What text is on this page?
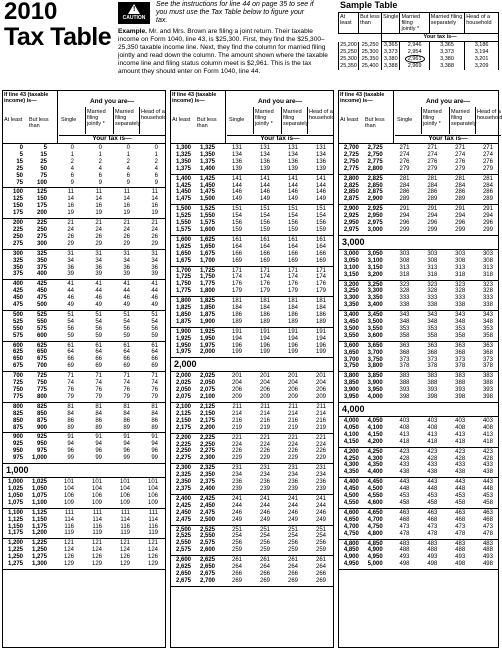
2010
Tax Table
!
CAUTION
See the instructions for line 44 on page 35 to see if you must use the Tax Table below to figure your tax.
Example. Mr. and Mrs. Brown are filing a joint return. Their taxable income on Form 1040, line 43, is $25,300. First, they find the $25,300–25,350 taxable income line. Next, they find the column for married filing jointly and read down the column. The amount shown where the taxable income line and filing status column meet is $2,961. This is the tax amount they should enter on Form 1040, line 44.
Sample Table
At least	But less than	Single	Married filing jointly *	Married filing separately	Head of a household
		Your tax is—			
25,200	25,250	3,365	2,946	3,365	3,186
25,250	25,300	3,373	2,954	3,373	3,194
25,300	25,350	3,380	2,961	3,380	3,201
25,350	25,400	3,388	2,969	3,388	3,209
If line 43 (taxable income) is—	And you are—
At least But less than
Single
Married filing jointly *
Married filing separately
Head of a household
Your tax is—
0	5	0	0	0	0
5	15	1	1	1	1
15	25	2	2	2	2
25	50	4	4	4	4
50	75	6	6	6	6
75	100	9	9	9	9
100	125	11	11	11	11
125	150	14	14	14	14
150	175	16	16	16	16
175	200	19	19	19	19
200	225	21	21	21	21
225	250	24	24	24	24
250	275	26	26	26	26
275	300	29	29	29	29
300	325	31	31	31	31
325	350	34	34	34	34
350	375	36	36	36	36
375	400	39	39	39	39
400	425	41	41	41	41
425	450	44	44	44	44
450	475	46	46	46	46
475	500	49	49	49	49
500	525	51	51	51	51
525	550	54	54	54	54
550	575	56	56	56	56
575	600	59	59	59	59
600	625	61	61	61	61
625	650	64	64	64	64
650	675	66	66	66	66
675	700	69	69	69	69
700	725	71	71	71	71
725	750	74	74	74	74
750	775	76	76	76	76
775	800	79	79	79	79
800	825	81	81	81	81
825	850	84	84	84	84
850	875	86	86	86	86
875	900	89	89	89	89
900	925	91	91	91	91
925	950	94	94	94	94
950	975	96	96	96	96
975	1,000	99	99	99	99
1,000
1,000	1,025	101	101	101	101
1,025	1,050	104	104	104	104
1,050	1,075	106	106	106	106
1,075	1,100	109	109	109	109
1,100	1,125	111	111	111	111
1,125	1,150	114	114	114	114
1,150	1,175	116	116	116	116
1,175	1,200	119	119	119	119
1,200	1,225	121	121	121	121
1,225	1,250	124	124	124	124
1,250	1,275	126	126	126	126
1,275	1,300	129	129	129	129
If line 43 (taxable income) is—	And you are—
At least But less than
Single
Married filing jointly *
Married filing separately
Head of a household
Your tax is—
1,300	1,325	131	131	131	131
1,325	1,350	134	134	134	134
1,350	1,375	136	136	136	136
1,375	1,400	139	139	139	139
1,400	1,425	141	141	141	141
1,425	1,450	144	144	144	144
1,450	1,475	146	146	146	146
1,475	1,500	149	149	149	149
1,500	1,525	151	151	151	151
1,525	1,550	154	154	154	154
1,550	1,575	156	156	156	156
1,575	1,600	159	159	159	159
1,600	1,625	161	161	161	161
1,625	1,650	164	164	164	164
1,650	1,675	166	166	166	166
1,675	1,700	169	169	169	169
1,700	1,725	171	171	171	171
1,725	1,750	174	174	174	174
1,750	1,775	176	176	176	176
1,775	1,800	179	179	179	179
1,800	1,825	181	181	181	181
1,825	1,850	184	184	184	184
1,850	1,875	186	186	186	186
1,875	1,900	189	189	189	189
1,900	1,925	191	191	191	191
1,925	1,950	194	194	194	194
1,950	1,975	196	196	196	196
1,975	2,000	199	199	199	199
2,000
2,000	2,025	201	201	201	201
2,025	2,050	204	204	204	204
2,050	2,075	206	206	206	206
2,075	2,100	209	209	209	209
2,100	2,125	211	211	211	211
2,125	2,150	214	214	214	214
2,150	2,175	216	216	216	216
2,175	2,200	219	219	219	219
2,200	2,225	221	221	221	221
2,225	2,250	224	224	224	224
2,250	2,275	226	226	226	226
2,275	2,300	229	229	229	229
2,300	2,325	231	231	231	231
2,325	2,350	234	234	234	234
2,350	2,375	236	236	236	236
2,375	2,400	239	239	239	239
2,400	2,425	241	241	241	241
2,425	2,450	244	244	244	244
2,450	2,475	246	246	246	246
2,475	2,500	249	249	249	249
2,500	2,525	251	251	251	251
2,525	2,550	254	254	254	254
2,550	2,575	256	256	256	256
2,575	2,600	259	259	259	259
2,600	2,625	261	261	261	261
2,625	2,650	264	264	264	264
2,650	2,675	266	266	266	266
2,675	2,700	269	269	269	269
If line 43 (taxable income) is—	And you are—
At least But less than
Single
Married filing jointly *
Married filing separately
Head of a household
Your tax is—
2,700	2,725	271	271	271	271
2,725	2,750	274	274	274	274
2,750	2,775	276	276	276	276
2,775	2,800	279	279	279	279
2,800	2,825	281	281	281	281
2,825	2,850	284	284	284	284
2,850	2,875	286	286	286	286
2,875	2,900	289	289	289	289
2,900	2,925	291	291	291	291
2,925	2,950	294	294	294	294
2,950	2,975	296	296	296	296
2,975	3,000	299	299	299	299
3,000
3,000	3,050	303	303	303	303
3,050	3,100	308	308	308	308
3,100	3,150	313	313	313	313
3,150	3,200	318	318	318	318
3,200	3,250	323	323	323	323
3,250	3,300	328	328	328	328
3,300	3,350	333	333	333	333
3,350	3,400	338	338	338	338
3,400	3,450	343	343	343	343
3,450	3,500	348	348	348	348
3,500	3,550	353	353	353	353
3,550	3,600	358	358	358	358
3,600	3,650	363	363	363	363
3,650	3,700	368	368	368	368
3,700	3,750	373	373	373	373
3,750	3,800	378	378	378	378
3,800	3,850	383	383	383	383
3,850	3,900	388	388	388	388
3,900	3,950	393	393	393	393
3,950	4,000	398	398	398	398
4,000
4,000	4,050	403	403	403	403
4,050	4,100	408	408	408	408
4,100	4,150	413	413	413	413
4,150	4,200	418	418	418	418
4,200	4,250	423	423	423	423
4,250	4,300	428	428	428	428
4,300	4,350	433	433	433	433
4,350	4,400	438	438	438	438
4,400	4,450	443	443	443	443
4,450	4,500	448	448	448	448
4,500	4,550	453	453	453	453
4,550	4,600	458	458	458	458
4,600	4,650	463	463	463	463
4,650	4,700	468	468	468	468
4,700	4,750	473	473	473	473
4,750	4,800	478	478	478	478
4,800	4,850	483	483	483	483
4,850	4,900	488	488	488	488
4,900	4,950	493	493	493	493
4,950	5,000	498	498	498	498
